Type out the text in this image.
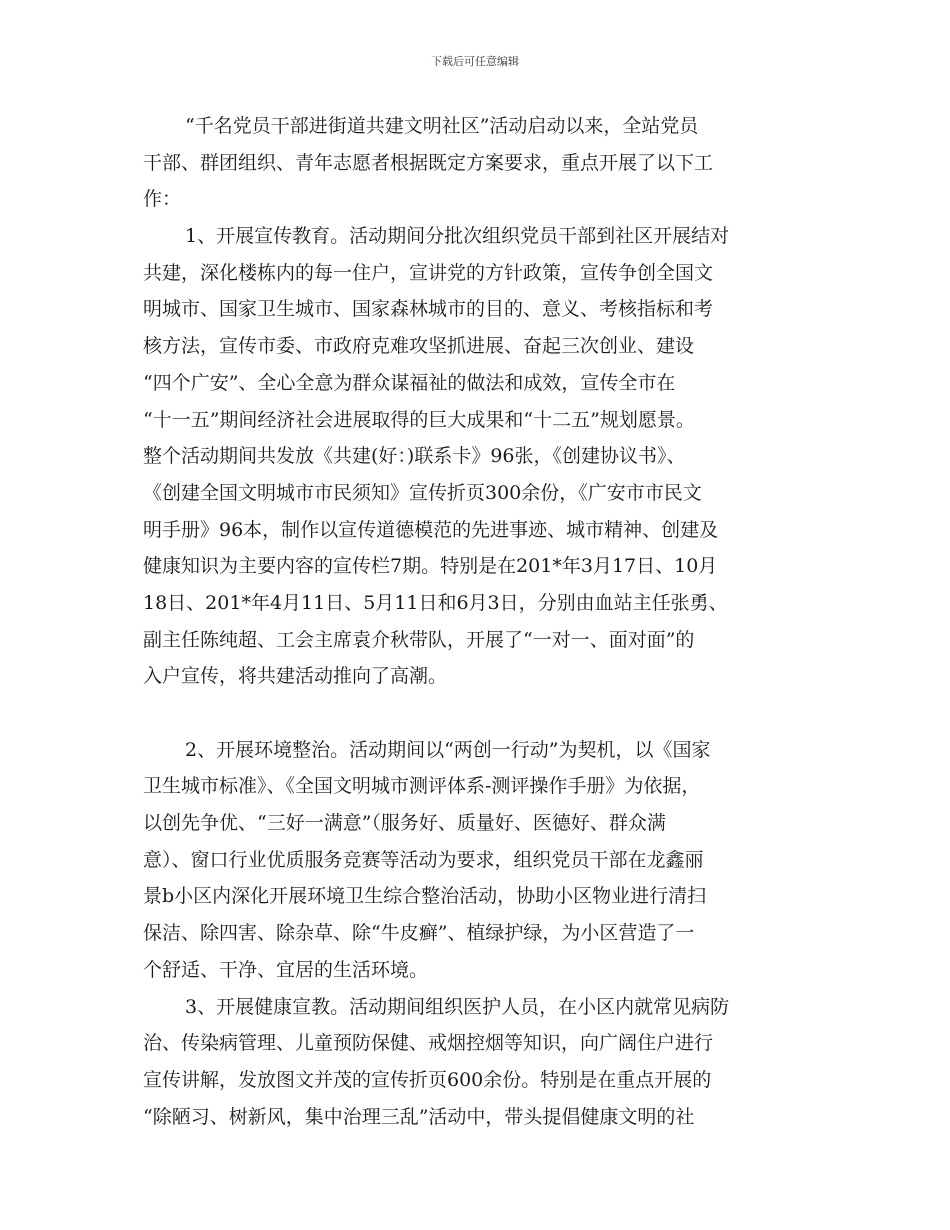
下载后可任意编辑
“千名党员干部进街道共建文明社区”活动启动以来，全站党员
干部、群团组织、青年志愿者根据既定方案要求，重点开展了以下工
作：
1、开展宣传教育。活动期间分批次组织党员干部到社区开展结对
共建，深化楼栋内的每一住户，宣讲党的方针政策，宣传争创全国文
明城市、国家卫生城市、国家森林城市的目的、意义、考核指标和考
核方法，宣传市委、市政府克难攻坚抓进展、奋起三次创业、建设
“四个广安”、全心全意为群众谋福祉的做法和成效，宣传全市在
“十一五”期间经济社会进展取得的巨大成果和“十二五”规划愿景。
整个活动期间共发放《共建(好：)联系卡》96张，《创建协议书》、
《创建全国文明城市市民须知》宣传折页300余份，《广安市市民文
明手册》96本，制作以宣传道德模范的先进事迹、城市精神、创建及
健康知识为主要内容的宣传栏7期。特别是在201*年3月17日、10月
18日、201*年4月11日、5月11日和6月3日，分别由血站主任张勇、
副主任陈纯超、工会主席袁介秋带队，开展了“一对一、面对面”的
入户宣传，将共建活动推向了高潮。
2、开展环境整治。活动期间以“两创一行动”为契机，以《国家
卫生城市标准》、《全国文明城市测评体系-测评操作手册》为依据，
以创先争优、“三好一满意”（服务好、质量好、医德好、群众满
意）、窗口行业优质服务竞赛等活动为要求，组织党员干部在龙鑫丽
景b小区内深化开展环境卫生综合整治活动，协助小区物业进行清扫
保洁、除四害、除杂草、除“牛皮癣”、植绿护绿，为小区营造了一
个舒适、干净、宜居的生活环境。
3、开展健康宣教。活动期间组织医护人员，在小区内就常见病防
治、传染病管理、儿童预防保健、戒烟控烟等知识，向广阔住户进行
宣传讲解，发放图文并茂的宣传折页600余份。特别是在重点开展的
“除陋习、树新风，集中治理三乱”活动中，带头提倡健康文明的社
